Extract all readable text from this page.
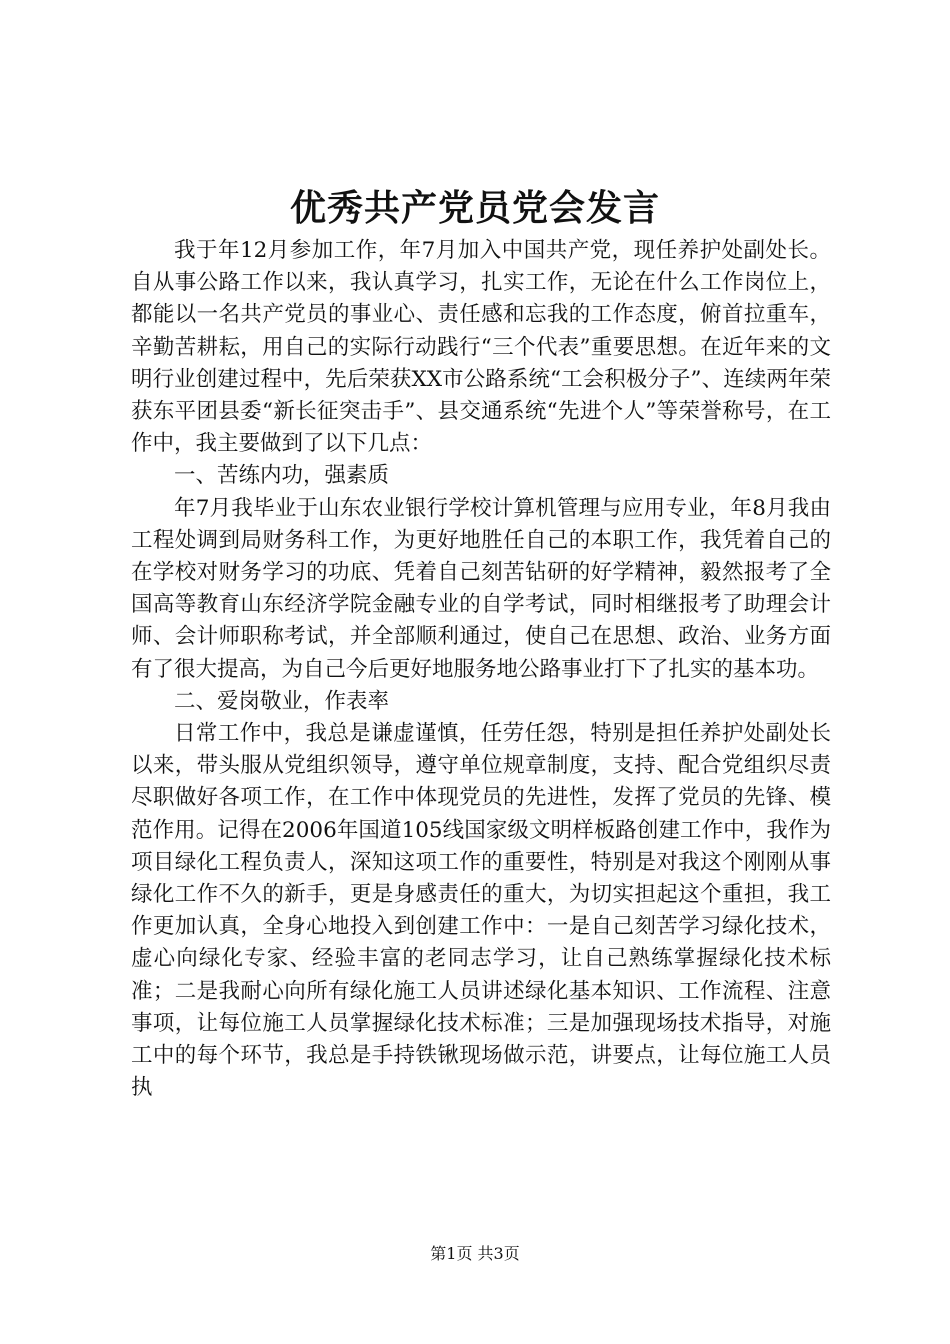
优秀共产党员党会发言

我于年12月参加工作，年7月加入中国共产党，现任养护处副处长。自从事公路工作以来，我认真学习，扎实工作，无论在什么工作岗位上，都能以一名共产党员的事业心、责任感和忘我的工作态度，俯首拉重车，辛勤苦耕耘，用自己的实际行动践行“三个代表”重要思想。在近年来的文明行业创建过程中，先后荣获XX市公路系统“工会积极分子”、连续两年荣获东平团县委“新长征突击手”、县交通系统“先进个人”等荣誉称号，在工作中，我主要做到了以下几点：

一、苦练内功，强素质

年7月我毕业于山东农业银行学校计算机管理与应用专业，年8月我由工程处调到局财务科工作，为更好地胜任自己的本职工作，我凭着自己的在学校对财务学习的功底、凭着自己刻苦钻研的好学精神，毅然报考了全国高等教育山东经济学院金融专业的自学考试，同时相继报考了助理会计师、会计师职称考试，并全部顺利通过，使自己在思想、政治、业务方面有了很大提高，为自己今后更好地服务地公路事业打下了扎实的基本功。

二、爱岗敬业，作表率

日常工作中，我总是谦虚谨慎，任劳任怨，特别是担任养护处副处长以来，带头服从党组织领导，遵守单位规章制度，支持、配合党组织尽责尽职做好各项工作，在工作中体现党员的先进性，发挥了党员的先锋、模范作用。记得在2006年国道105线国家级文明样板路创建工作中，我作为项目绿化工程负责人，深知这项工作的重要性，特别是对我这个刚刚从事绿化工作不久的新手，更是身感责任的重大，为切实担起这个重担，我工作更加认真，全身心地投入到创建工作中：一是自己刻苦学习绿化技术，虚心向绿化专家、经验丰富的老同志学习，让自己熟练掌握绿化技术标准；二是我耐心向所有绿化施工人员讲述绿化基本知识、工作流程、注意事项，让每位施工人员掌握绿化技术标准；三是加强现场技术指导，对施工中的每个环节，我总是手持铁锹现场做示范，讲要点，让每位施工人员执

第1页 共3页
